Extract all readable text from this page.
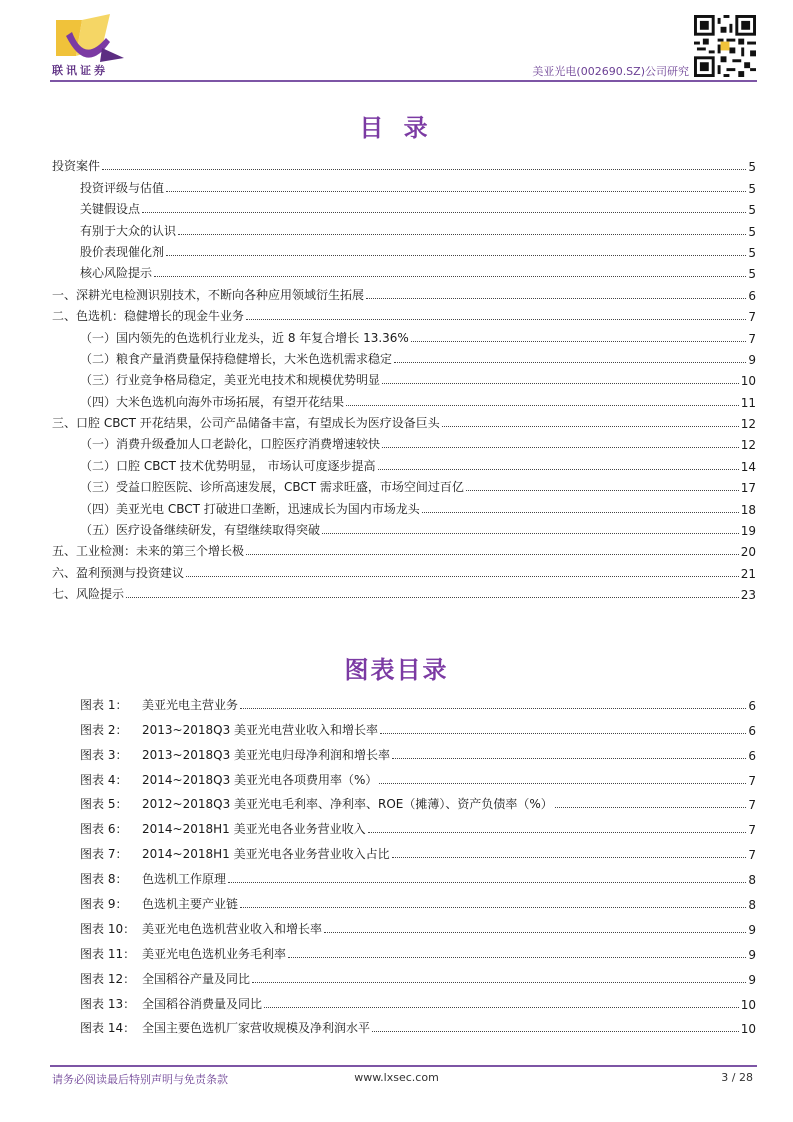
联讯证券	美亚光电(002690.SZ)公司研究
目 录
投资案件	5
投资评级与估值	5
关键假设点	5
有别于大众的认识	5
股价表现催化剂	5
核心风险提示	5
一、深耕光电检测识别技术，不断向各种应用领域衍生拓展	6
二、色选机：稳健增长的现金牛业务	7
（一）国内领先的色选机行业龙头，近 8 年复合增长 13.36%	7
（二）粮食产量消费量保持稳健增长，大米色选机需求稳定	9
（三）行业竞争格局稳定，美亚光电技术和规模优势明显	10
（四）大米色选机向海外市场拓展，有望开花结果	11
三、口腔 CBCT 开花结果，公司产品储备丰富，有望成长为医疗设备巨头	12
（一）消费升级叠加人口老龄化，口腔医疗消费增速较快	12
（二）口腔 CBCT 技术优势明显， 市场认可度逐步提高	14
（三）受益口腔医院、诊所高速发展，CBCT 需求旺盛，市场空间过百亿	17
（四）美亚光电 CBCT 打破进口垄断，迅速成长为国内市场龙头	18
（五）医疗设备继续研发，有望继续取得突破	19
五、工业检测：未来的第三个增长极	20
六、盈利预测与投资建议	21
七、风险提示	23
图表目录
图表 1： 美亚光电主营业务	6
图表 2： 2013~2018Q3 美亚光电营业收入和增长率	6
图表 3： 2013~2018Q3 美亚光电归母净利润和增长率	6
图表 4： 2014~2018Q3 美亚光电各项费用率（%）	7
图表 5： 2012~2018Q3 美亚光电毛利率、净利率、ROE（摊薄）、资产负债率（%）	7
图表 6： 2014~2018H1 美亚光电各业务营业收入	7
图表 7： 2014~2018H1 美亚光电各业务营业收入占比	7
图表 8： 色选机工作原理	8
图表 9： 色选机主要产业链	8
图表 10： 美亚光电色选机营业收入和增长率	9
图表 11： 美亚光电色选机业务毛利率	9
图表 12： 全国稻谷产量及同比	9
图表 13： 全国稻谷消费量及同比	10
图表 14： 全国主要色选机厂家营收规模及净利润水平	10
请务必阅读最后特别声明与免责条款	www.lxsec.com	3 / 28
